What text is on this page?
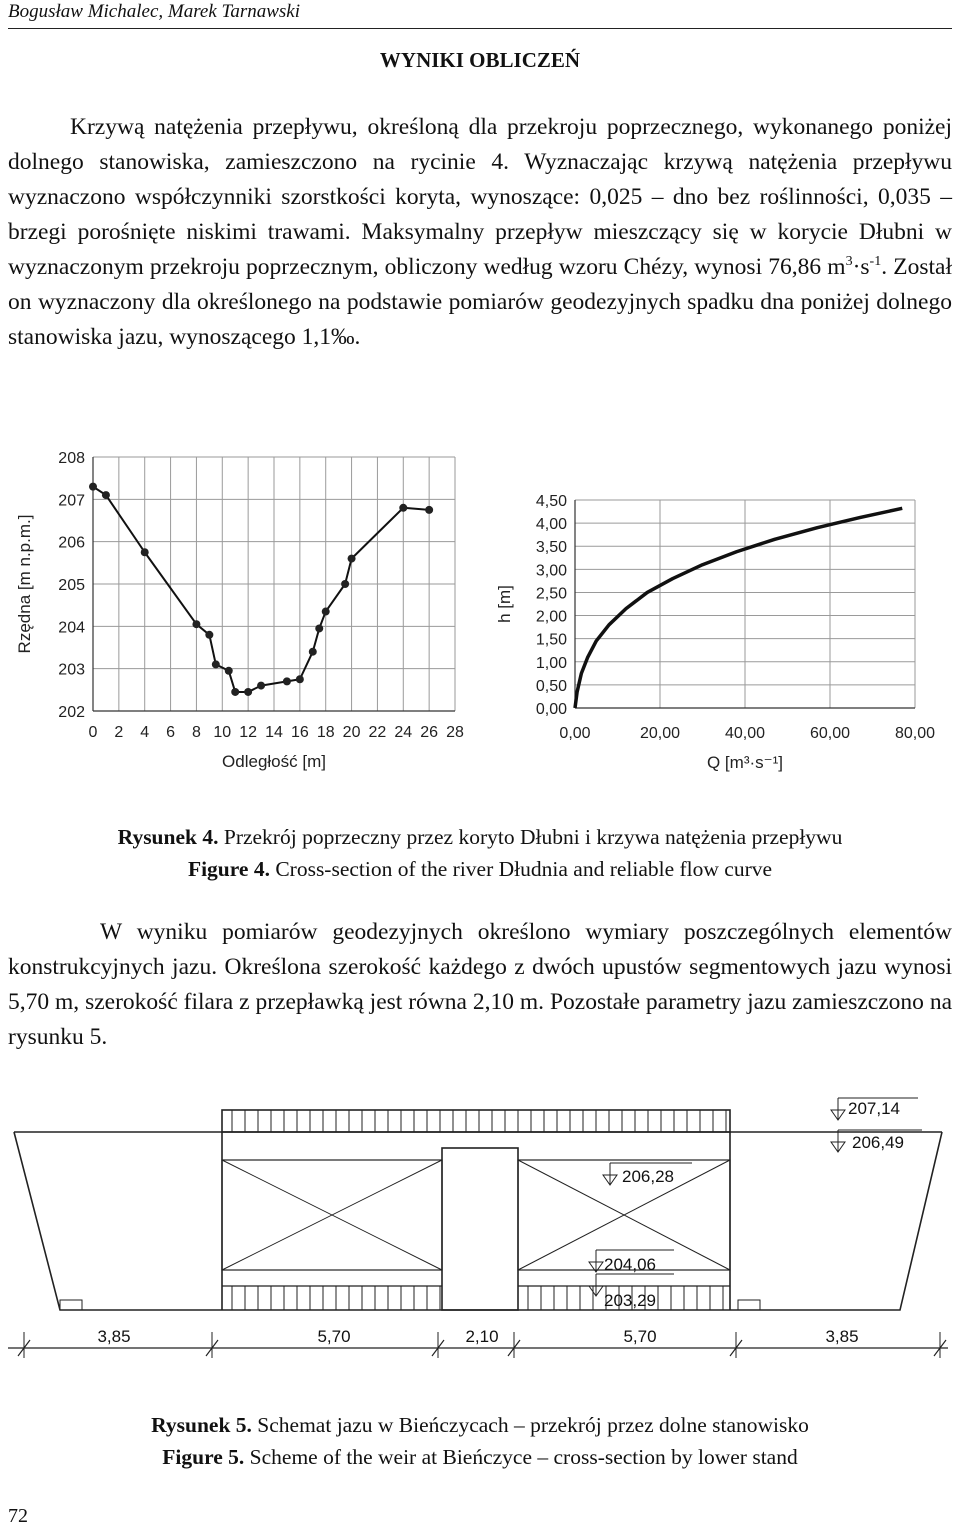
Bogusław Michalec, Marek Tarnawski
WYNIKI OBLICZEŃ

Krzywą natężenia przepływu, określoną dla przekroju poprzecznego, wykonanego poniżej dolnego stanowiska, zamieszczono na rycinie 4. Wyznaczając krzywą natężenia przepływu wyznaczono współczynniki szorstkości koryta, wynoszące: 0,025 – dno bez roślinności, 0,035 – brzegi porośnięte niskimi trawami. Maksymalny przepływ mieszczący się w korycie Dłubni w wyznaczonym przekroju poprzecznym, obliczony według wzoru Chézy, wynosi 76,86 $m^3\cdot s^{-1}$. Został on wyznaczony dla określonego na podstawie pomiarów geodezyjnych spadku dna poniżej dolnego stanowiska jazu, wynoszącego 1,1‰.

0 2 4 6 8 10 12 14 16 18 20 22 24 26 28
202
203
204
205
206
207
208
Odległość [m]
Rzędna [m n.p.m.]
0,00	20,00	40,00	60,00	80,00
0,00
0,50
1,00
1,50
2,00
2,50
3,00
3,50
4,00
4,50
Q [m³·s⁻¹]
h [m]
Rysunek 4. Przekrój poprzeczny przez koryto Dłubni i krzywa natężenia przepływu
Figure 4. Cross-section of the river Dłudnia and reliable flow curve

W wyniku pomiarów geodezyjnych określono wymiary poszczególnych elementów konstrukcyjnych jazu. Określona szerokość każdego z dwóch upustów segmentowych jazu wynosi 5,70 m, szerokość filara z przepławką jest równa 2,10 m. Pozostałe parametry jazu zamieszczono na rysunku 5.

207,14
206,49
206,28
204,06
203,29
3,85	5,70	2,10	5,70	3,85
Rysunek 5. Schemat jazu w Bieńczycach – przekrój przez dolne stanowisko
Figure 5. Scheme of the weir at Bieńczyce – cross-section by lower stand
72
